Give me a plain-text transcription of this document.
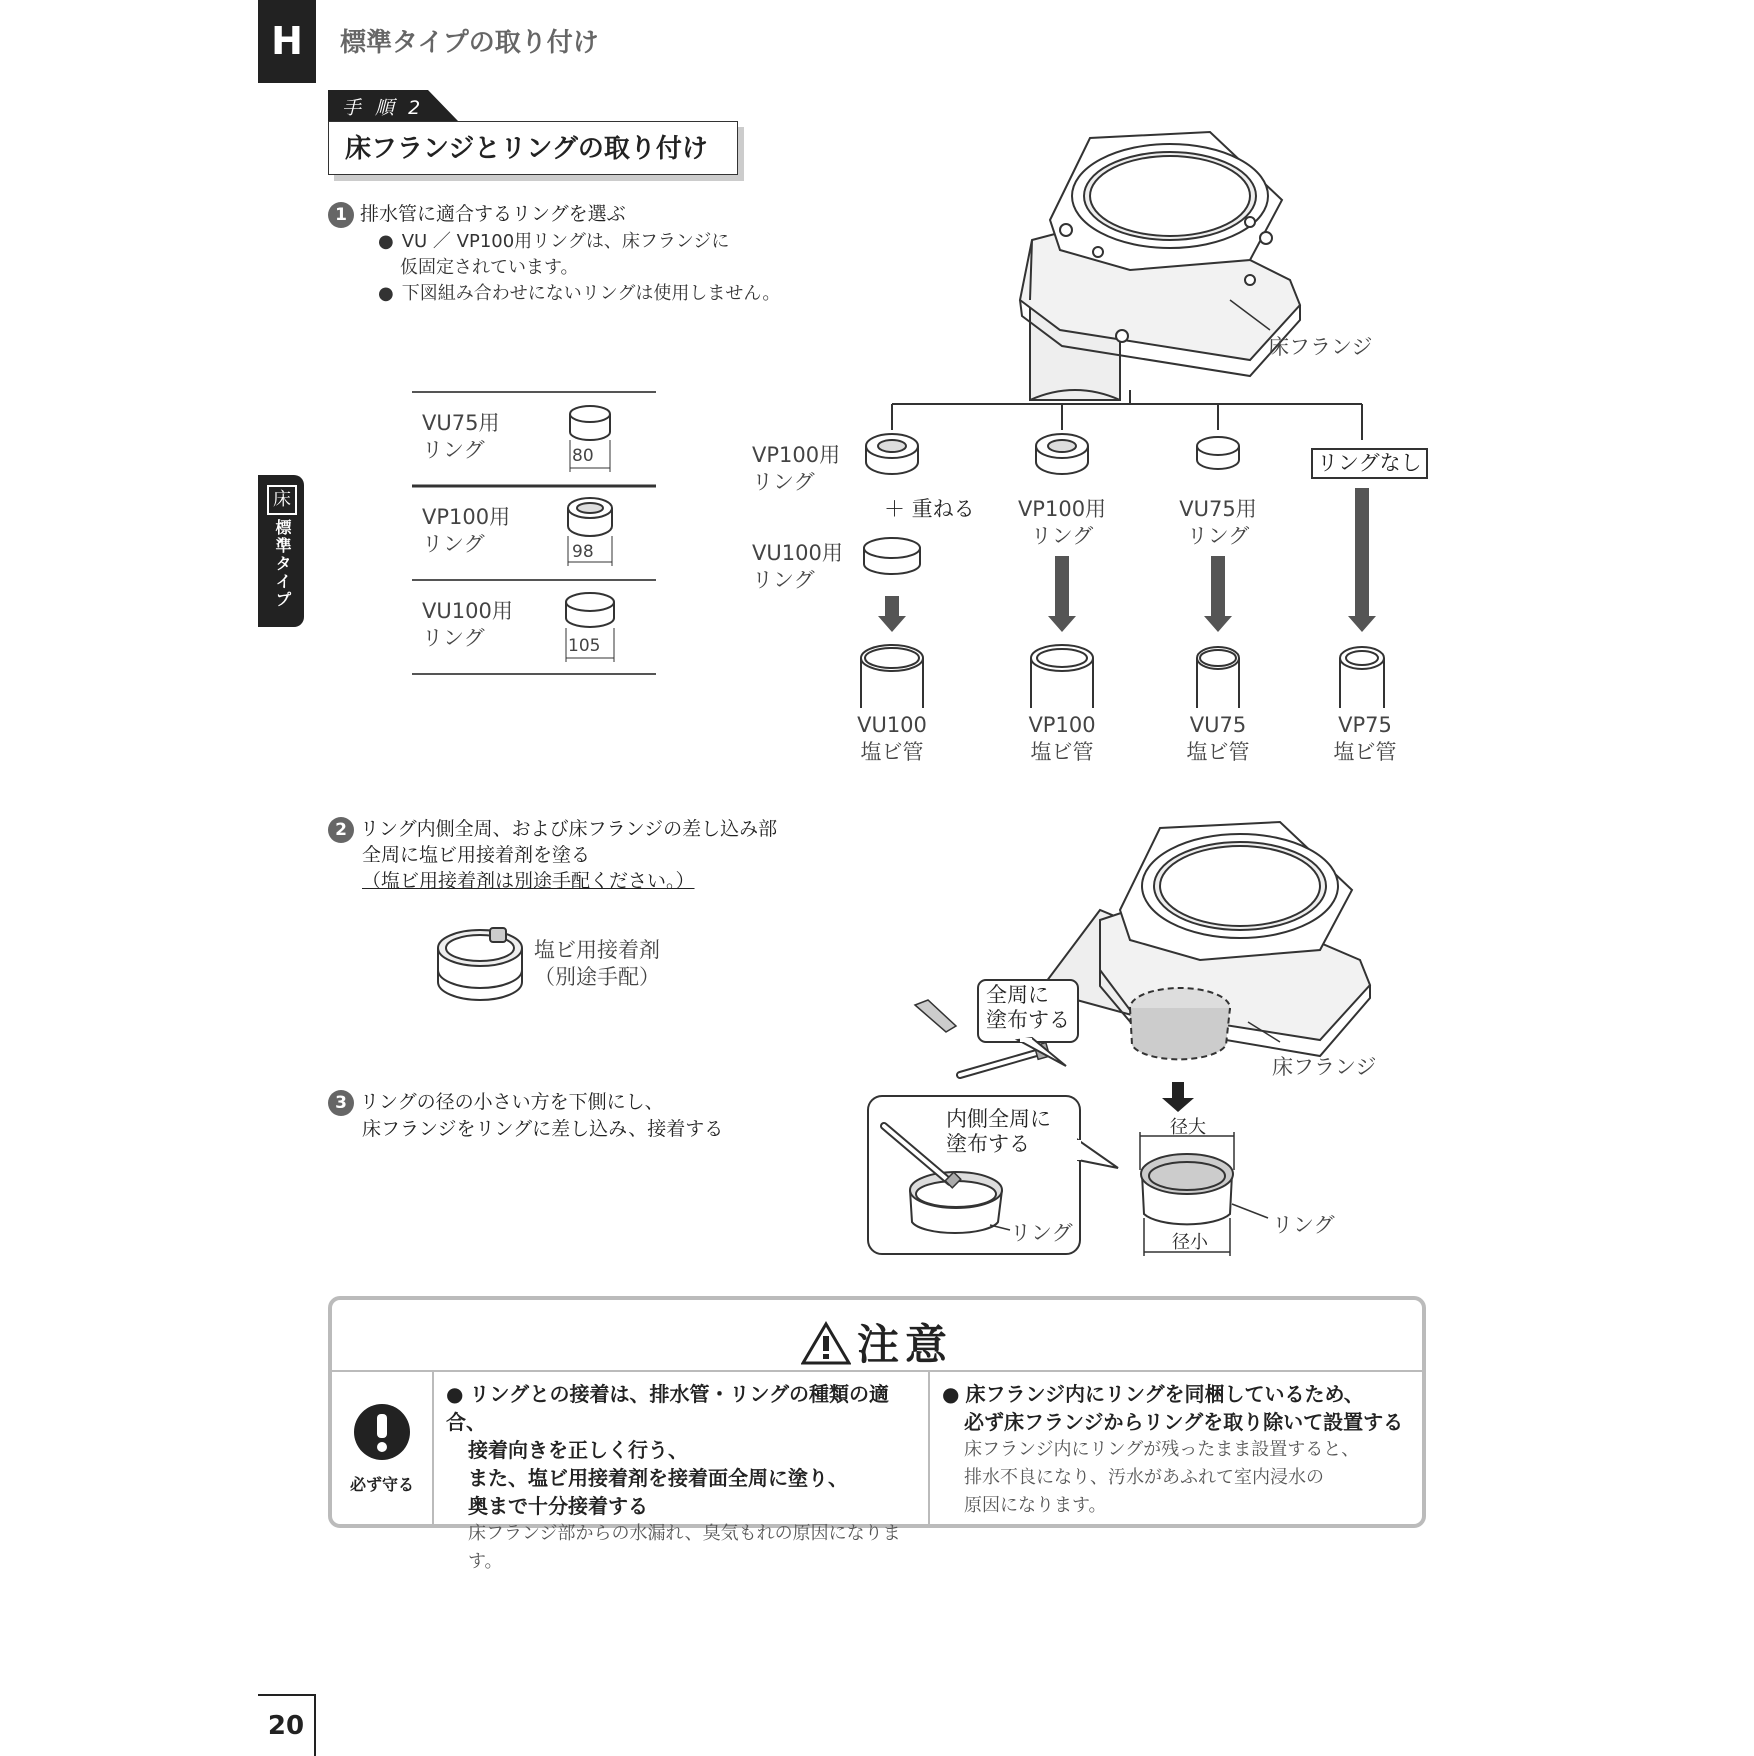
H	標準タイプの取り付け
手 順 2
床フランジとリングの取り付け
床
標準タイプ
1 排水管に適合するリングを選ぶ
● VU ／ VP100用リングは、床フランジに
仮固定されています。
● 下図組み合わせにないリングは使用しません。
VU75用
リング	80
VP100用
リング	98
VU100用
リング	105
床フランジ
VP100用
リング
＋ 重ねる
VU100用
リング
VP100用
リング
VU75用
リング
リングなし
VU100
塩ビ管
VP100
塩ビ管
VU75
塩ビ管
VP75
塩ビ管
2 リング内側全周、および床フランジの差し込み部
全周に塩ビ用接着剤を塗る
（塩ビ用接着剤は別途手配ください。）
塩ビ用接着剤
（別途手配）
3 リングの径の小さい方を下側にし、
床フランジをリングに差し込み、接着する
全周に
塗布する
床フランジ
内側全周に
塗布する
リング
径大
径小
リング
注意
必ず守る
● リングとの接着は、排水管・リングの種類の適合、
接着向きを正しく行う、
また、塩ビ用接着剤を接着面全周に塗り、
奥まで十分接着する
床フランジ部からの水漏れ、臭気もれの原因になります。
● 床フランジ内にリングを同梱しているため、
必ず床フランジからリングを取り除いて設置する
床フランジ内にリングが残ったまま設置すると、
排水不良になり、汚水があふれて室内浸水の
原因になります。
20
